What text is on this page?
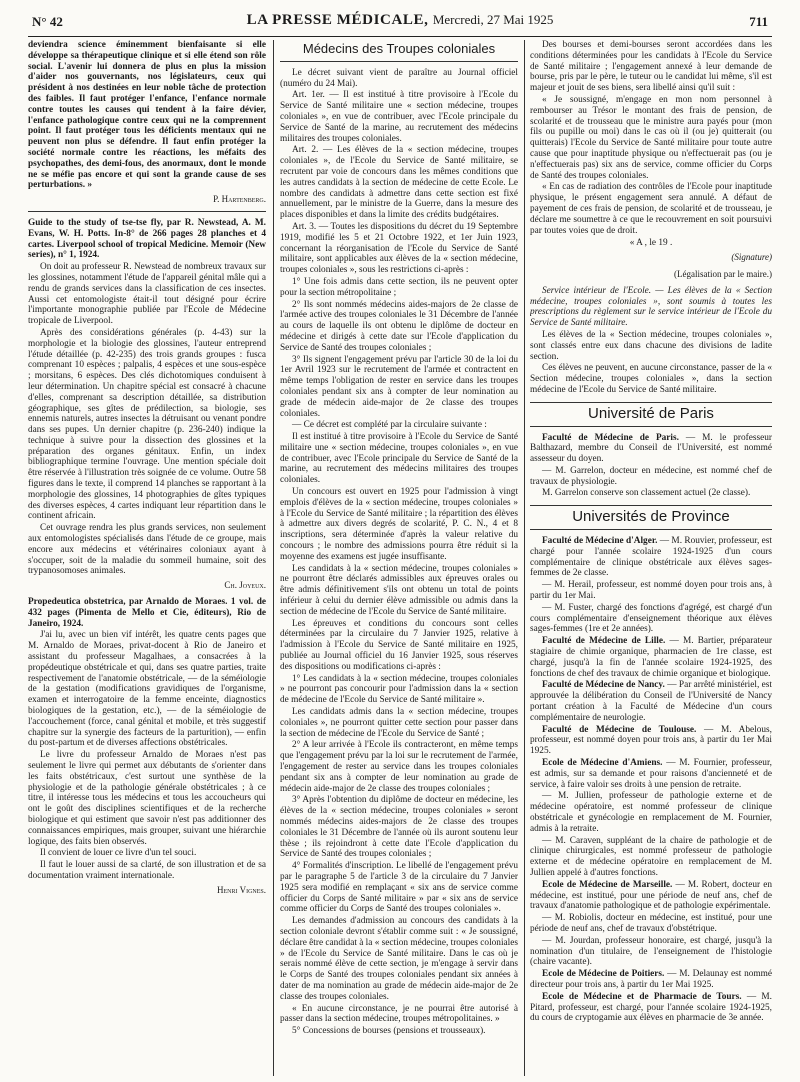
N° 42	LA PRESSE MÉDICALE, Mercredi, 27 Mai 1925	711

deviendra science éminemment bienfaisante si elle développe sa thérapeutique clinique et si elle étend son rôle social. L'avenir lui donnera de plus en plus la mission d'aider nos gouvernants, nos législateurs, ceux qui président à nos destinées en leur noble tâche de protection des faibles. Il faut protéger l'enfance, l'enfance normale contre toutes les causes qui tendent à la faire dévier, l'enfance pathologique contre ceux qui ne la comprennent point. Il faut protéger tous les déficients mentaux qui ne peuvent non plus se défendre. Il faut enfin protéger la société normale contre les réactions, les méfaits des psychopathes, des demi-fous, des anormaux, dont le monde ne se méfie pas encore et qui sont la grande cause de ses perturbations. »

P. Hartenberg.

Guide to the study of tse-tse fly, par R. Newstead, A. M. Evans, W. H. Potts. In-8° de 266 pages 28 planches et 4 cartes. Liverpool school of tropical Medicine. Memoir (New series), n° 1, 1924.

On doit au professeur R. Newstead de nombreux travaux sur les glossines, notamment l'étude de l'appareil génital mâle qui a rendu de grands services dans la classification de ces insectes. Aussi cet entomologiste était-il tout désigné pour écrire l'importante monographie publiée par l'Ecole de Médecine tropicale de Liverpool.

Après des considérations générales (p. 4-43) sur la morphologie et la biologie des glossines, l'auteur entreprend l'étude détaillée (p. 42-235) des trois grands groupes : fusca comprenant 10 espèces ; palpalis, 4 espèces et une sous-espèce ; morsitans, 6 espèces. Des clés dichotomiques conduisent à leur détermination. Un chapitre spécial est consacré à chacune d'elles, comprenant sa description détaillée, sa distribution géographique, ses gîtes de prédilection, sa biologie, ses ennemis naturels, autres insectes la détruisant ou venant pondre dans ses pupes. Un dernier chapitre (p. 236-240) indique la technique à suivre pour la dissection des glossines et la préparation des organes génitaux. Enfin, un index bibliographique termine l'ouvrage. Une mention spéciale doit être réservée à l'illustration très soignée de ce volume. Outre 58 figures dans le texte, il comprend 14 planches se rapportant à la morphologie des glossines, 14 photographies de gîtes typiques des diverses espèces, 4 cartes indiquant leur répartition dans le continent africain.

Cet ouvrage rendra les plus grands services, non seulement aux entomologistes spécialisés dans l'étude de ce groupe, mais encore aux médecins et vétérinaires coloniaux ayant à s'occuper, soit de la maladie du sommeil humaine, soit des trypanosomoses animales.

Ch. Joyeux.

Propedeutica obstetrica, par Arnaldo de Moraes. 1 vol. de 432 pages (Pimenta de Mello et Cie, éditeurs), Rio de Janeiro, 1924.

J'ai lu, avec un bien vif intérêt, les quatre cents pages que M. Arnaldo de Moraes, privat-docent à Rio de Janeiro et assistant du professeur Magalhaes, a consacrées à la propédeutique obstétricale et qui, dans ses quatre parties, traite respectivement de l'anatomie obstétricale, — de la séméiologie de la gestation (modifications gravidiques de l'organisme, examen et interrogatoire de la femme enceinte, diagnostics biologiques de la gestation, etc.), — de la séméiologie de l'accouchement (force, canal génital et mobile, et très suggestif chapitre sur la synergie des facteurs de la parturition), — enfin du post-partum et de diverses affections obstétricales.

Le livre du professeur Arnaldo de Moraes n'est pas seulement le livre qui permet aux débutants de s'orienter dans les faits obstétricaux, c'est surtout une synthèse de la physiologie et de la pathologie générale obstétricales ; à ce titre, il intéresse tous les médecins et tous les accoucheurs qui ont le goût des disciplines scientifiques et de la recherche biologique et qui estiment que savoir n'est pas additionner des connaissances empiriques, mais grouper, suivant une hiérarchie logique, des faits bien observés.

Il convient de louer ce livre d'un tel souci.

Il faut le louer aussi de sa clarté, de son illustration et de sa documentation vraiment internationale.

Henri Vignes.
Médecins des Troupes coloniales

Le décret suivant vient de paraître au Journal officiel (numéro du 24 Mai).

Art. 1er. — Il est institué à titre provisoire à l'Ecole du Service de Santé militaire une « section médecine, troupes coloniales », en vue de contribuer, avec l'Ecole principale du Service de Santé de la marine, au recrutement des médecins militaires des troupes coloniales.

Art. 2. — Les élèves de la « section médecine, troupes coloniales », de l'Ecole du Service de Santé militaire, se recrutent par voie de concours dans les mêmes conditions que les autres candidats à la section de médecine de cette Ecole. Le nombre des candidats à admettre dans cette section est fixé annuellement, par le ministre de la Guerre, dans la mesure des places disponibles et dans la limite des crédits budgétaires.

Art. 3. — Toutes les dispositions du décret du 19 Septembre 1919, modifié les 5 et 21 Octobre 1922, et 1er Juin 1923, concernant la réorganisation de l'Ecole du Service de Santé militaire, sont applicables aux élèves de la « section médecine, troupes coloniales », sous les restrictions ci-après :

1° Une fois admis dans cette section, ils ne peuvent opter pour la section métropolitaine ;

2° Ils sont nommés médecins aides-majors de 2e classe de l'armée active des troupes coloniales le 31 Décembre de l'année au cours de laquelle ils ont obtenu le diplôme de docteur en médecine et dirigés à cette date sur l'Ecole d'application du Service de Santé des troupes coloniales ;

3° Ils signent l'engagement prévu par l'article 30 de la loi du 1er Avril 1923 sur le recrutement de l'armée et contractent en même temps l'obligation de rester en service dans les troupes coloniales pendant six ans à compter de leur nomination au grade de médecin aide-major de 2e classe des troupes coloniales.

— Ce décret est complété par la circulaire suivante :

Il est institué à titre provisoire à l'Ecole du Service de Santé militaire une « section médecine, troupes coloniales », en vue de contribuer, avec l'Ecole principale du Service de Santé de la marine, au recrutement des médecins militaires des troupes coloniales.

Un concours est ouvert en 1925 pour l'admission à vingt emplois d'élèves de la « section médecine, troupes coloniales » à l'Ecole du Service de Santé militaire ; la répartition des élèves à admettre aux divers degrés de scolarité, P. C. N., 4 et 8 inscriptions, sera déterminée d'après la valeur relative du concours ; le nombre des admissions pourra être réduit si la moyenne des examens est jugée insuffisante.

Les candidats à la « section médecine, troupes coloniales » ne pourront être déclarés admissibles aux épreuves orales ou être admis définitivement s'ils ont obtenu un total de points inférieur à celui du dernier élève admissible ou admis dans la section de médecine de l'Ecole du Service de Santé militaire.

Les épreuves et conditions du concours sont celles déterminées par la circulaire du 7 Janvier 1925, relative à l'admission à l'Ecole du Service de Santé militaire en 1925, publiée au Journal officiel du 16 Janvier 1925, sous réserves des dispositions ou modifications ci-après :

1° Les candidats à la « section médecine, troupes coloniales » ne pourront pas concourir pour l'admission dans la « section de médecine de l'Ecole du Service de Santé militaire ».

Les candidats admis dans la « section médecine, troupes coloniales », ne pourront quitter cette section pour passer dans la section de médecine de l'Ecole du Service de Santé ;

2° A leur arrivée à l'Ecole ils contracteront, en même temps que l'engagement prévu par la loi sur le recrutement de l'armée, l'engagement de rester au service dans les troupes coloniales pendant six ans à compter de leur nomination au grade de médecin aide-major de 2e classe des troupes coloniales ;

3° Après l'obtention du diplôme de docteur en médecine, les élèves de la « section médecine, troupes coloniales » seront nommés médecins aides-majors de 2e classe des troupes coloniales le 31 Décembre de l'année où ils auront soutenu leur thèse ; ils rejoindront à cette date l'Ecole d'application du Service de Santé des troupes coloniales ;

4° Formalités d'inscription. Le libellé de l'engagement prévu par le paragraphe 5 de l'article 3 de la circulaire du 7 Janvier 1925 sera modifié en remplaçant « six ans de service comme officier du Corps de Santé militaire » par « six ans de service comme officier du Corps de Santé des troupes coloniales ».

Les demandes d'admission au concours des candidats à la section coloniale devront s'établir comme suit : « Je soussigné, déclare être candidat à la « section médecine, troupes coloniales » de l'Ecole du Service de Santé militaire. Dans le cas où je serais nommé élève de cette section, je m'engage à servir dans le Corps de Santé des troupes coloniales pendant six années à dater de ma nomination au grade de médecin aide-major de 2e classe des troupes coloniales.

« En aucune circonstance, je ne pourrai être autorisé à passer dans la section médecine, troupes métropolitaines. »

5° Concessions de bourses (pensions et trousseaux).

Des bourses et demi-bourses seront accordées dans les conditions déterminées pour les candidats à l'Ecole du Service de Santé militaire ; l'engagement annexé à leur demande de bourse, pris par le père, le tuteur ou le candidat lui même, s'il est majeur et jouit de ses biens, sera libellé ainsi qu'il suit :

« Je soussigné, m'engage en mon nom personnel à rembourser au Trésor le montant des frais de pension, de scolarité et de trousseau que le ministre aura payés pour (mon fils ou pupille ou moi) dans le cas où il (ou je) quitterait (ou quitterais) l'Ecole du Service de Santé militaire pour toute autre cause que pour inaptitude physique ou n'effectuerait pas (ou je n'effectuerais pas) six ans de service, comme officier du Corps de Santé des troupes coloniales.

« En cas de radiation des contrôles de l'Ecole pour inaptitude physique, le présent engagement sera annulé. A défaut de payement de ces frais de pension, de scolarité et de trousseau, je déclare me soumettre à ce que le recouvrement en soit poursuivi par toutes voies que de droit.

« A , le 19 .
(Signature)
(Légalisation par le maire.)

Service intérieur de l'Ecole. — Les élèves de la « Section médecine, troupes coloniales », sont soumis à toutes les prescriptions du règlement sur le service intérieur de l'Ecole du Service de Santé militaire.

Les élèves de la « Section médecine, troupes coloniales », sont classés entre eux dans chacune des divisions de ladite section.

Ces élèves ne peuvent, en aucune circonstance, passer de la « Section médecine, troupes coloniales », dans la section médecine de l'Ecole du Service de Santé militaire.

Université de Paris

Faculté de Médecine de Paris. — M. le professeur Balthazard, membre du Conseil de l'Université, est nommé assesseur du doyen.

— M. Garrelon, docteur en médecine, est nommé chef de travaux de physiologie.

M. Garrelon conserve son classement actuel (2e classe).

Universités de Province

Faculté de Médecine d'Alger. — M. Rouvier, professeur, est chargé pour l'année scolaire 1924-1925 d'un cours complémentaire de clinique obstétricale aux élèves sages-femmes de 2e classe.

— M. Herail, professeur, est nommé doyen pour trois ans, à partir du 1er Mai.

— M. Fuster, chargé des fonctions d'agrégé, est chargé d'un cours complémentaire d'enseignement théorique aux élèves sages-femmes (1re et 2e années).

Faculté de Médecine de Lille. — M. Bartier, préparateur stagiaire de chimie organique, pharmacien de 1re classe, est chargé, jusqu'à la fin de l'année scolaire 1924-1925, des fonctions de chef des travaux de chimie organique et biologique.

Faculté de Médecine de Nancy. — Par arrêté ministériel, est approuvée la délibération du Conseil de l'Université de Nancy portant création à la Faculté de Médecine d'un cours complémentaire de neurologie.

Faculté de Médecine de Toulouse. — M. Abelous, professeur, est nommé doyen pour trois ans, à partir du 1er Mai 1925.

Ecole de Médecine d'Amiens. — M. Fournier, professeur, est admis, sur sa demande et pour raisons d'ancienneté et de service, à faire valoir ses droits à une pension de retraite.

— M. Jullien, professeur de pathologie externe et de médecine opératoire, est nommé professeur de clinique obstétricale et gynécologie en remplacement de M. Fournier, admis à la retraite.

— M. Caraven, suppléant de la chaire de pathologie et de clinique chirurgicales, est nommé professeur de pathologie externe et de médecine opératoire en remplacement de M. Jullien appelé à d'autres fonctions.

Ecole de Médecine de Marseille. — M. Robert, docteur en médecine, est institué, pour une période de neuf ans, chef de travaux d'anatomie pathologique et de pathologie expérimentale.

— M. Robiolis, docteur en médecine, est institué, pour une période de neuf ans, chef de travaux d'obstétrique.

— M. Jourdan, professeur honoraire, est chargé, jusqu'à la nomination d'un titulaire, de l'enseignement de l'histologie (chaire vacante).

Ecole de Médecine de Poitiers. — M. Delaunay est nommé directeur pour trois ans, à partir du 1er Mai 1925.

Ecole de Médecine et de Pharmacie de Tours. — M. Pitard, professeur, est chargé, pour l'année scolaire 1924-1925, du cours de cryptogamie aux élèves en pharmacie de 3e année.
